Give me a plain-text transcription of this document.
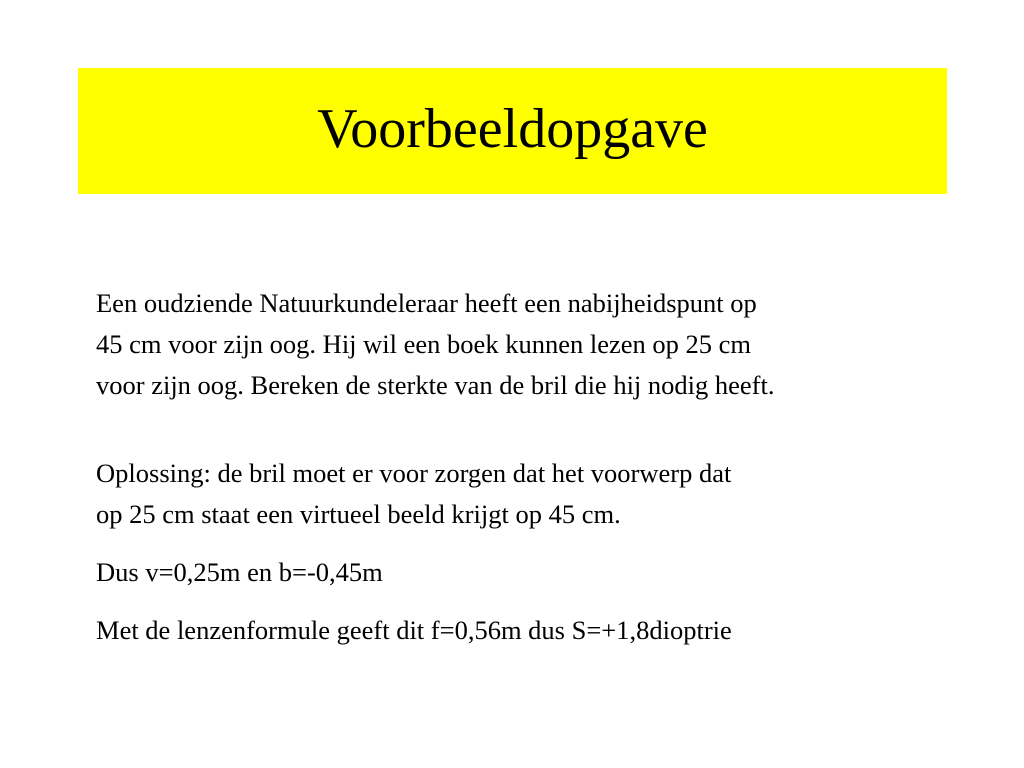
Voorbeeldopgave

Een oudziende Natuurkundeleraar heeft een nabijheidspunt op

45 cm voor zijn oog. Hij wil een boek kunnen lezen op 25 cm

voor zijn oog. Bereken de sterkte van de bril die hij nodig heeft.

Oplossing: de bril moet er voor zorgen dat het voorwerp dat

op 25 cm staat een virtueel beeld krijgt op 45 cm.

Dus v=0,25m en b=-0,45m

Met de lenzenformule geeft dit f=0,56m dus S=+1,8dioptrie
